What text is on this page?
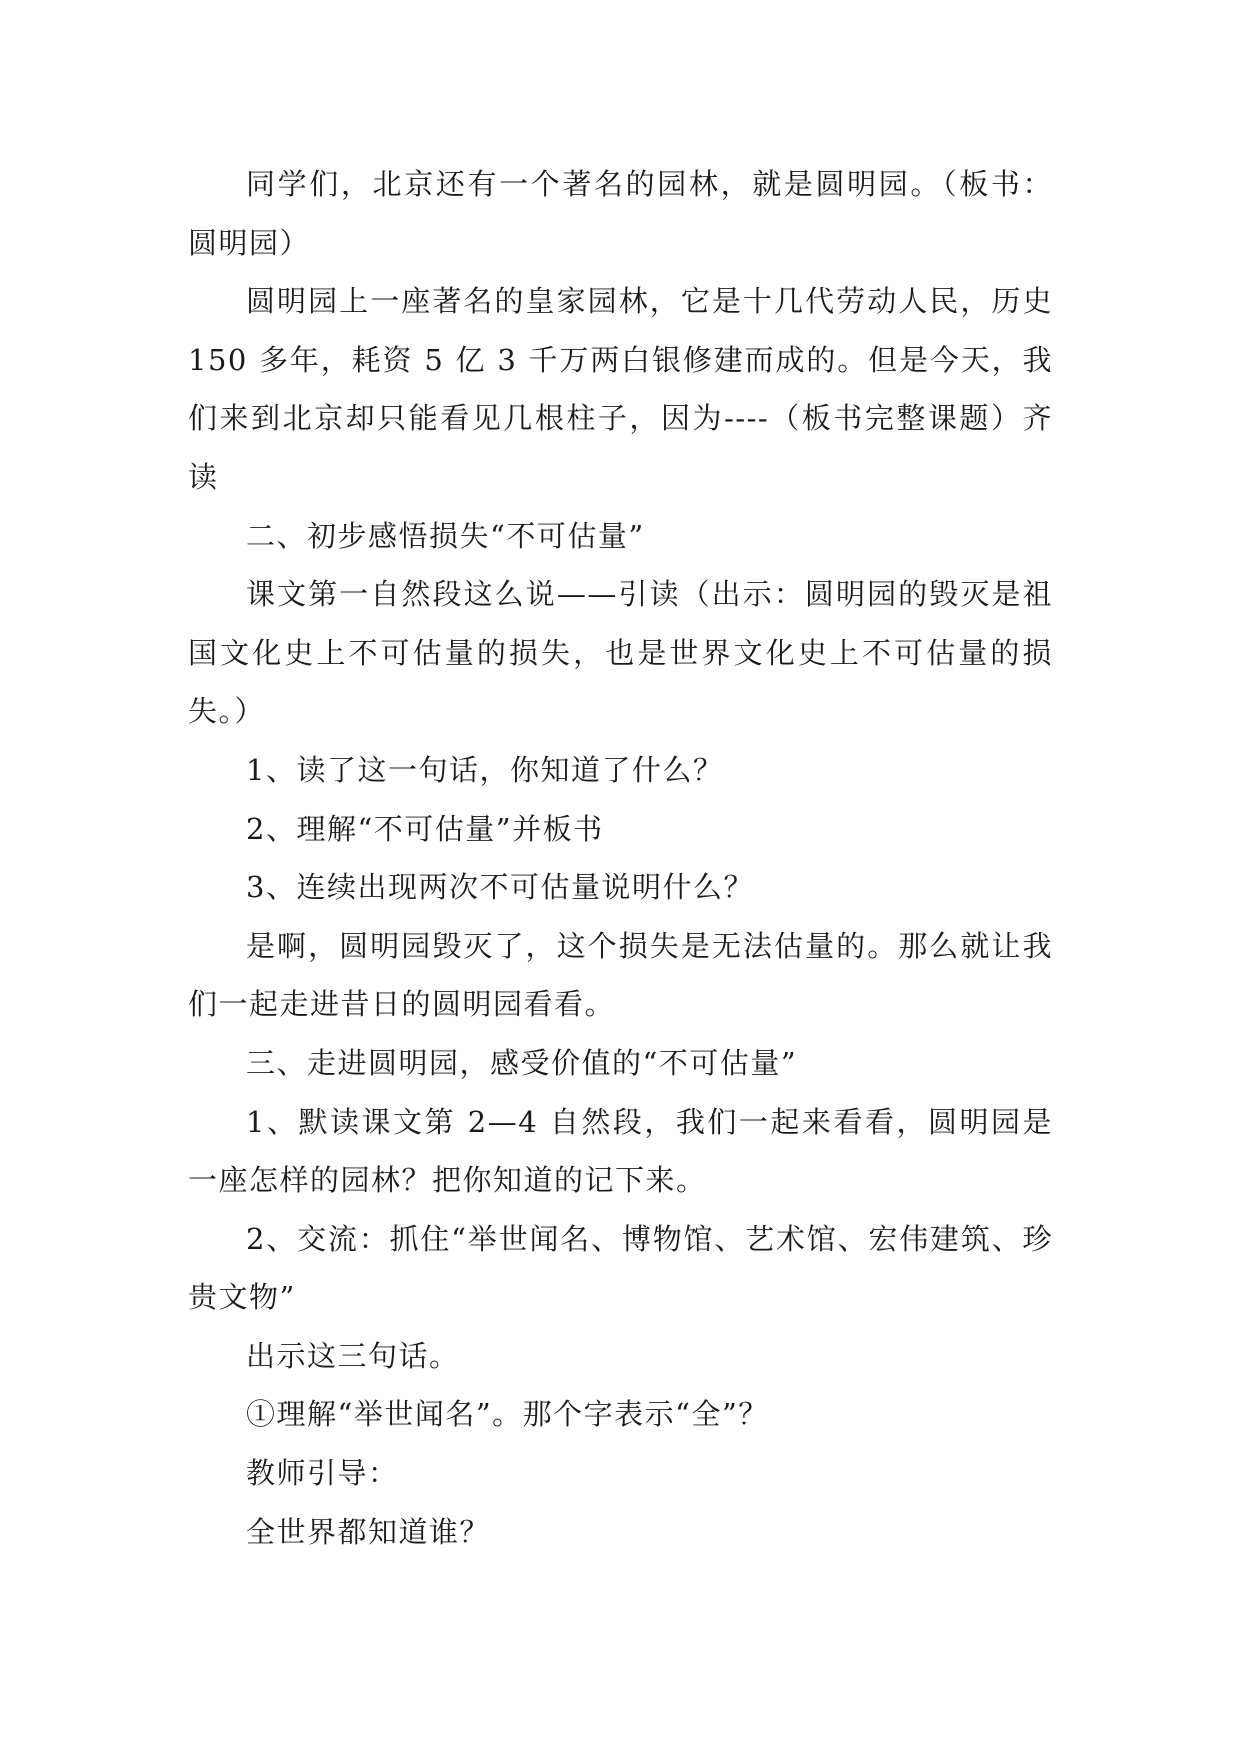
同学们，北京还有一个著名的园林，就是圆明园。（板书：圆明园）

圆明园上一座著名的皇家园林，它是十几代劳动人民，历史 150 多年，耗资 5 亿 3 千万两白银修建而成的。但是今天，我们来到北京却只能看见几根柱子，因为----（板书完整课题）齐读

二、初步感悟损失“不可估量”

课文第一自然段这么说——引读（出示：圆明园的毁灭是祖国文化史上不可估量的损失，也是世界文化史上不可估量的损失。）

1、读了这一句话，你知道了什么？

2、理解“不可估量”并板书

3、连续出现两次不可估量说明什么？

是啊，圆明园毁灭了，这个损失是无法估量的。那么就让我们一起走进昔日的圆明园看看。

三、走进圆明园，感受价值的“不可估量”

1、默读课文第 2—4 自然段，我们一起来看看，圆明园是一座怎样的园林？把你知道的记下来。

2、交流：抓住“举世闻名、博物馆、艺术馆、宏伟建筑、珍贵文物”

出示这三句话。

①理解“举世闻名”。那个字表示“全”？

教师引导：

全世界都知道谁？
